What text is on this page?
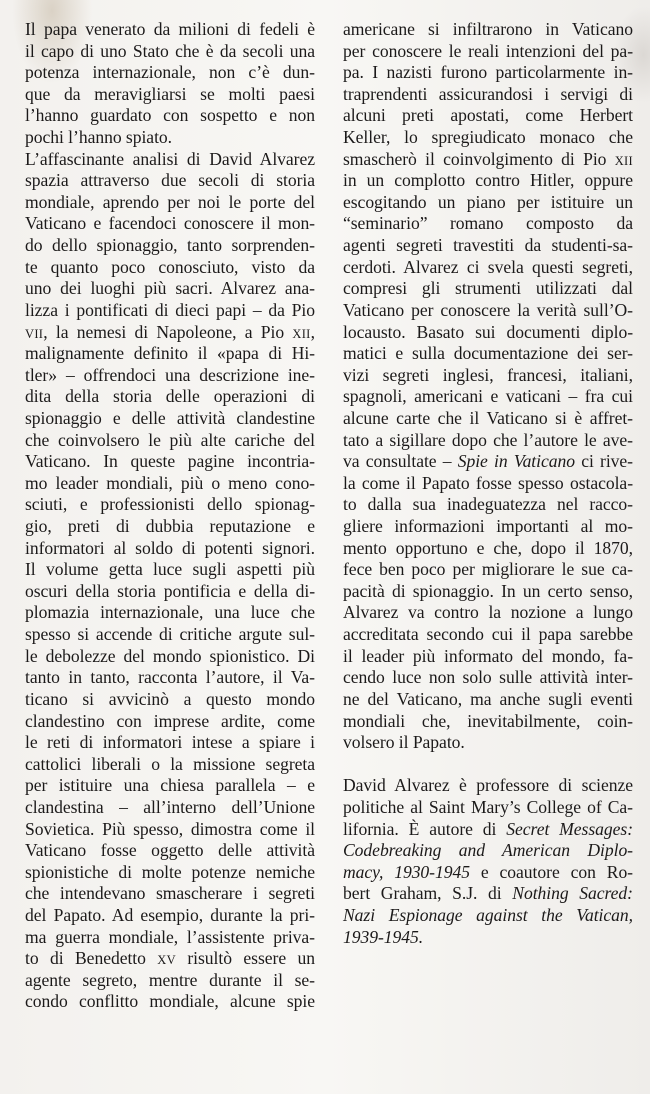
Il papa venerato da milioni di fedeli è
il capo di uno Stato che è da secoli una
potenza internazionale, non c’è dun-
que da meravigliarsi se molti paesi
l’hanno guardato con sospetto e non
pochi l’hanno spiato.
L’affascinante analisi di David Alvarez
spazia attraverso due secoli di storia
mondiale, aprendo per noi le porte del
Vaticano e facendoci conoscere il mon-
do dello spionaggio, tanto sorprenden-
te quanto poco conosciuto, visto da
uno dei luoghi più sacri. Alvarez ana-
lizza i pontificati di dieci papi – da Pio
VII, la nemesi di Napoleone, a Pio XII,
malignamente definito il «papa di Hi-
tler» – offrendoci una descrizione ine-
dita della storia delle operazioni di
spionaggio e delle attività clandestine
che coinvolsero le più alte cariche del
Vaticano. In queste pagine incontria-
mo leader mondiali, più o meno cono-
sciuti, e professionisti dello spionag-
gio, preti di dubbia reputazione e
informatori al soldo di potenti signori.
Il volume getta luce sugli aspetti più
oscuri della storia pontificia e della di-
plomazia internazionale, una luce che
spesso si accende di critiche argute sul-
le debolezze del mondo spionistico. Di
tanto in tanto, racconta l’autore, il Va-
ticano si avvicinò a questo mondo
clandestino con imprese ardite, come
le reti di informatori intese a spiare i
cattolici liberali o la missione segreta
per istituire una chiesa parallela – e
clandestina – all’interno dell’Unione
Sovietica. Più spesso, dimostra come il
Vaticano fosse oggetto delle attività
spionistiche di molte potenze nemiche
che intendevano smascherare i segreti
del Papato. Ad esempio, durante la pri-
ma guerra mondiale, l’assistente priva-
to di Benedetto XV risultò essere un
agente segreto, mentre durante il se-
condo conflitto mondiale, alcune spie
americane si infiltrarono in Vaticano
per conoscere le reali intenzioni del pa-
pa. I nazisti furono particolarmente in-
traprendenti assicurandosi i servigi di
alcuni preti apostati, come Herbert
Keller, lo spregiudicato monaco che
smascherò il coinvolgimento di Pio XII
in un complotto contro Hitler, oppure
escogitando un piano per istituire un
“seminario” romano composto da
agenti segreti travestiti da studenti-sa-
cerdoti. Alvarez ci svela questi segreti,
compresi gli strumenti utilizzati dal
Vaticano per conoscere la verità sull’O-
locausto. Basato sui documenti diplo-
matici e sulla documentazione dei ser-
vizi segreti inglesi, francesi, italiani,
spagnoli, americani e vaticani – fra cui
alcune carte che il Vaticano si è affret-
tato a sigillare dopo che l’autore le ave-
va consultate – Spie in Vaticano ci rive-
la come il Papato fosse spesso ostacola-
to dalla sua inadeguatezza nel racco-
gliere informazioni importanti al mo-
mento opportuno e che, dopo il 1870,
fece ben poco per migliorare le sue ca-
pacità di spionaggio. In un certo senso,
Alvarez va contro la nozione a lungo
accreditata secondo cui il papa sarebbe
il leader più informato del mondo, fa-
cendo luce non solo sulle attività inter-
ne del Vaticano, ma anche sugli eventi
mondiali che, inevitabilmente, coin-
volsero il Papato.
David Alvarez è professore di scienze
politiche al Saint Mary’s College of Ca-
lifornia. È autore di Secret Messages:
Codebreaking and American Diplo-
macy, 1930-1945 e coautore con Ro-
bert Graham, S.J. di Nothing Sacred:
Nazi Espionage against the Vatican,
1939-1945.
